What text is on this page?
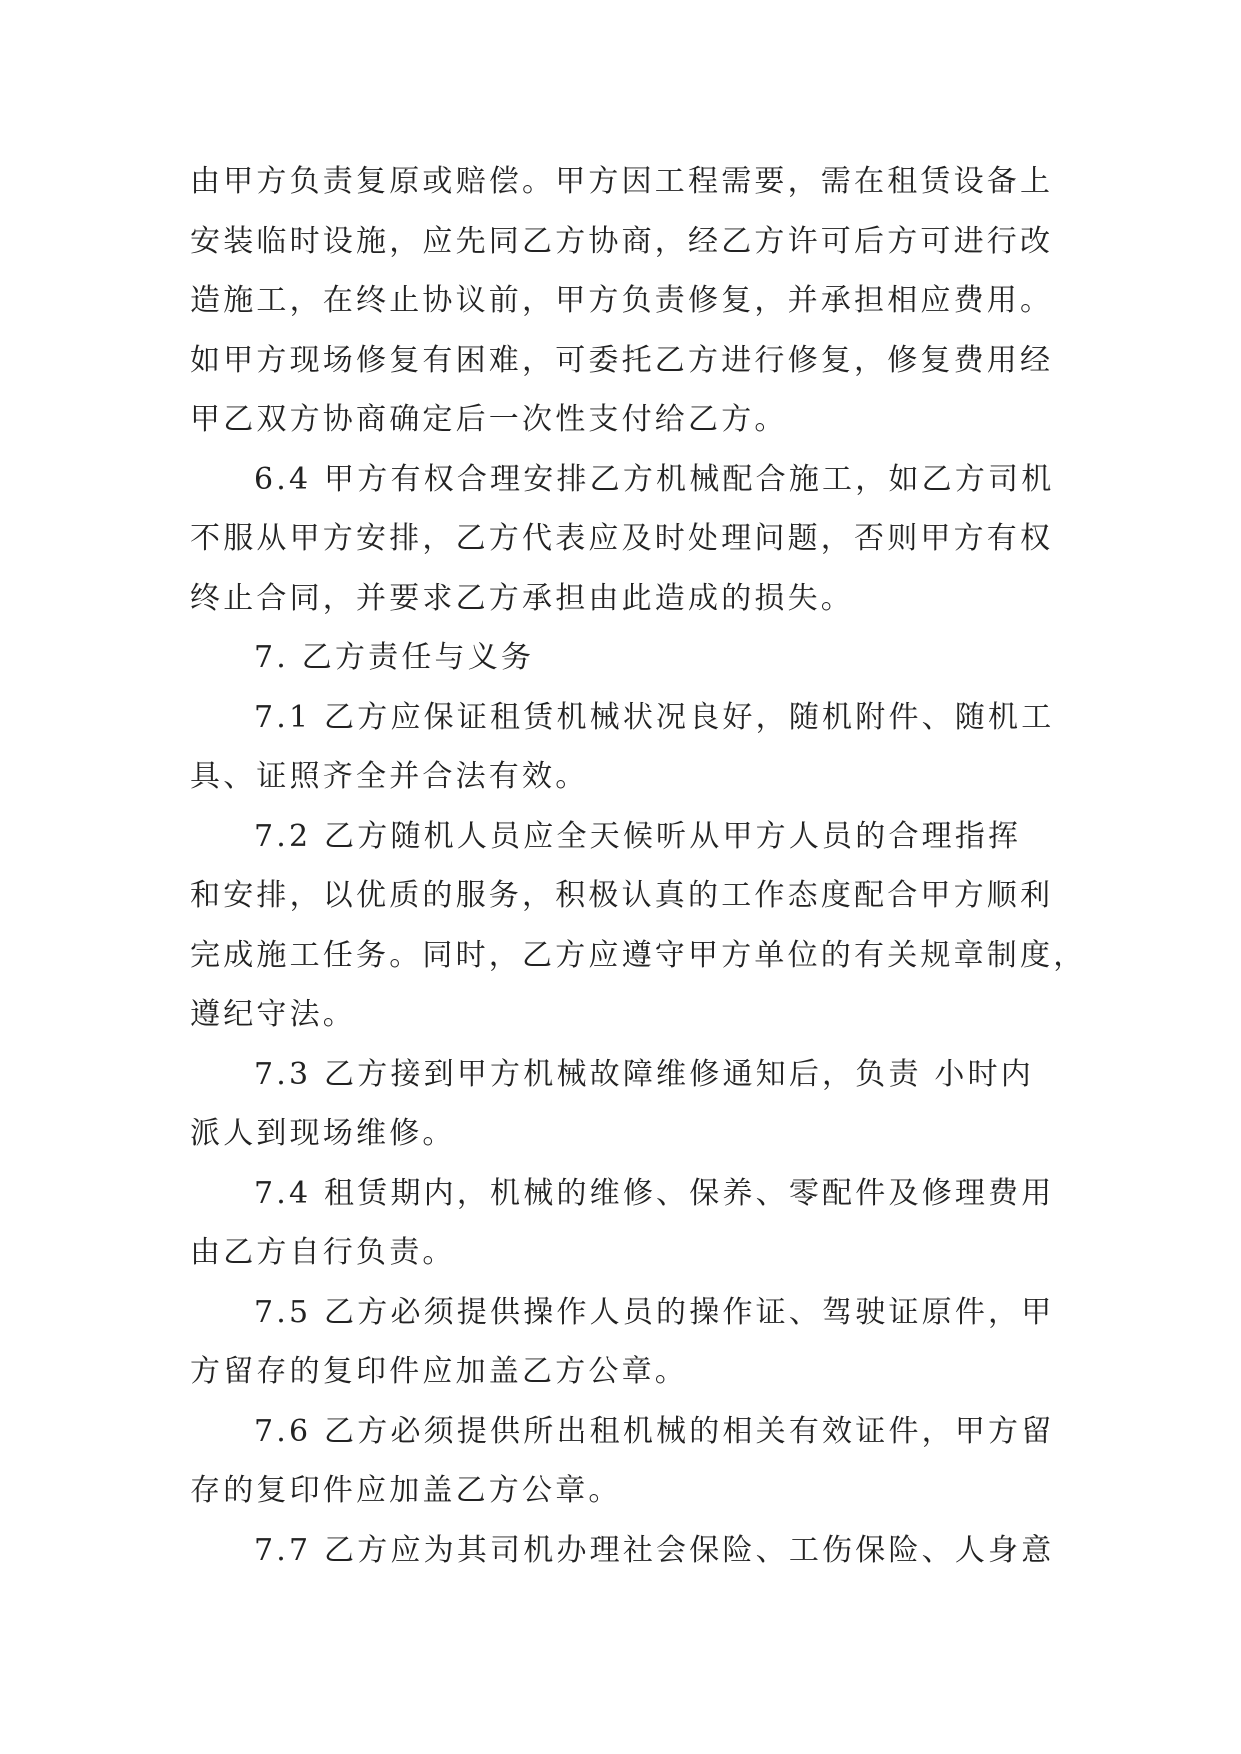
由甲方负责复原或赔偿。甲方因工程需要，需在租赁设备上
安装临时设施，应先同乙方协商，经乙方许可后方可进行改
造施工，在终止协议前，甲方负责修复，并承担相应费用。
如甲方现场修复有困难，可委托乙方进行修复，修复费用经
甲乙双方协商确定后一次性支付给乙方。
6.4 甲方有权合理安排乙方机械配合施工，如乙方司机
不服从甲方安排，乙方代表应及时处理问题，否则甲方有权
终止合同，并要求乙方承担由此造成的损失。
7. 乙方责任与义务
7.1 乙方应保证租赁机械状况良好，随机附件、随机工
具、证照齐全并合法有效。
7.2 乙方随机人员应全天候听从甲方人员的合理指挥
和安排，以优质的服务，积极认真的工作态度配合甲方顺利
完成施工任务。同时，乙方应遵守甲方单位的有关规章制度，
遵纪守法。
7.3 乙方接到甲方机械故障维修通知后，负责 小时内
派人到现场维修。
7.4 租赁期内，机械的维修、保养、零配件及修理费用
由乙方自行负责。
7.5 乙方必须提供操作人员的操作证、驾驶证原件，甲
方留存的复印件应加盖乙方公章。
7.6 乙方必须提供所出租机械的相关有效证件，甲方留
存的复印件应加盖乙方公章。
7.7 乙方应为其司机办理社会保险、工伤保险、人身意
